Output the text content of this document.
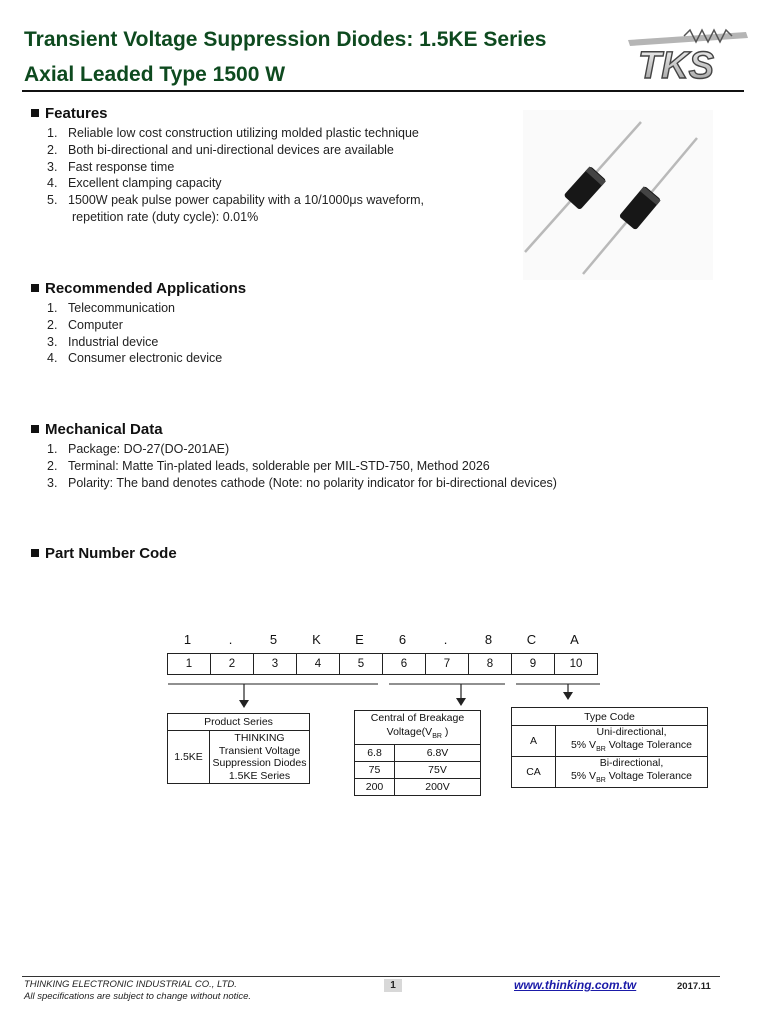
Transient Voltage Suppression Diodes: 1.5KE Series
Axial Leaded Type 1500 W	TKS
Features
1. Reliable low cost construction utilizing molded plastic technique
2. Both bi-directional and uni-directional devices are available
3. Fast response time
4. Excellent clamping capacity
5. 1500W peak pulse power capability with a 10/1000μs waveform,
repetition rate (duty cycle): 0.01%
Recommended Applications
1. Telecommunication
2. Computer
3. Industrial device
4. Consumer electronic device
Mechanical Data
1. Package: DO-27(DO-201AE)
2. Terminal: Matte Tin-plated leads, solderable per MIL-STD-750, Method 2026
3. Polarity: The band denotes cathode (Note: no polarity indicator for bi-directional devices)
Part Number Code
1	.	5	K	E	6	.	8	C	A
1	2	3	4	5	6	7	8	9	10
Product Series
1.5KE	
THINKING
Transient Voltage
Suppression Diodes
1.5KE Series
Central of Breakage
$Voltage(V_{BR}$ )	

6.8	6.8V
75	75V
200	200V
Type Code	
A	Uni-directional,
5% $V_{BR}$ Voltage Tolerance

CA	Bi-directional,
5% $V_{BR}$ Voltage Tolerance
THINKING ELECTRONIC INDUSTRIAL CO., LTD.
All specifications are subject to change without notice.
1	www.thinking.com.tw	2017.11
